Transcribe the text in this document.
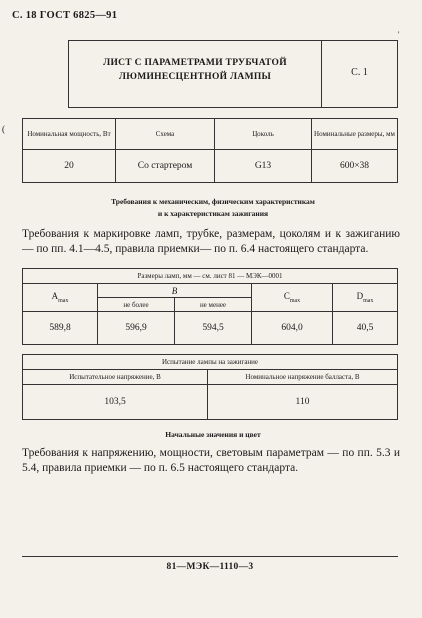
С. 18 ГОСТ 6825—91
'
(
ЛИСТ С ПАРАМЕТРАМИ ТРУБЧАТОЙ
ЛЮМИНЕСЦЕНТНОЙ ЛАМПЫ	С. 1
Номинальная мощность, Вт	Схема	Цоколь	Номинальные размеры, мм
20	Со стартером	G13	600×38
Требования к механическим, физическим характеристикам
и к характеристикам зажигания
Требования к маркировке ламп, трубке, размерам, цоколям и к зажиганию — по пп. 4.1—4.5, правила приемки— по п. 6.4 настоящего стандарта.
Размеры ламп, мм — см. лист 81 — МЭК—0001				
$A_{max}$	B		$C_{max}$	$D_{max}$
	не более	не менее		
589,8	596,9	594,5	604,0	40,5
Испытание лампы на зажигание	
Испытательное напряжение, В	Номинальное напряжение балласта, В
103,5	110
Начальные значения и цвет
Требования к напряжению, мощности, световым параметрам — по пп. 5.3 и 5.4, правила приемки — по п. 6.5 настоящего стандарта.
81—МЭК—1110—3
